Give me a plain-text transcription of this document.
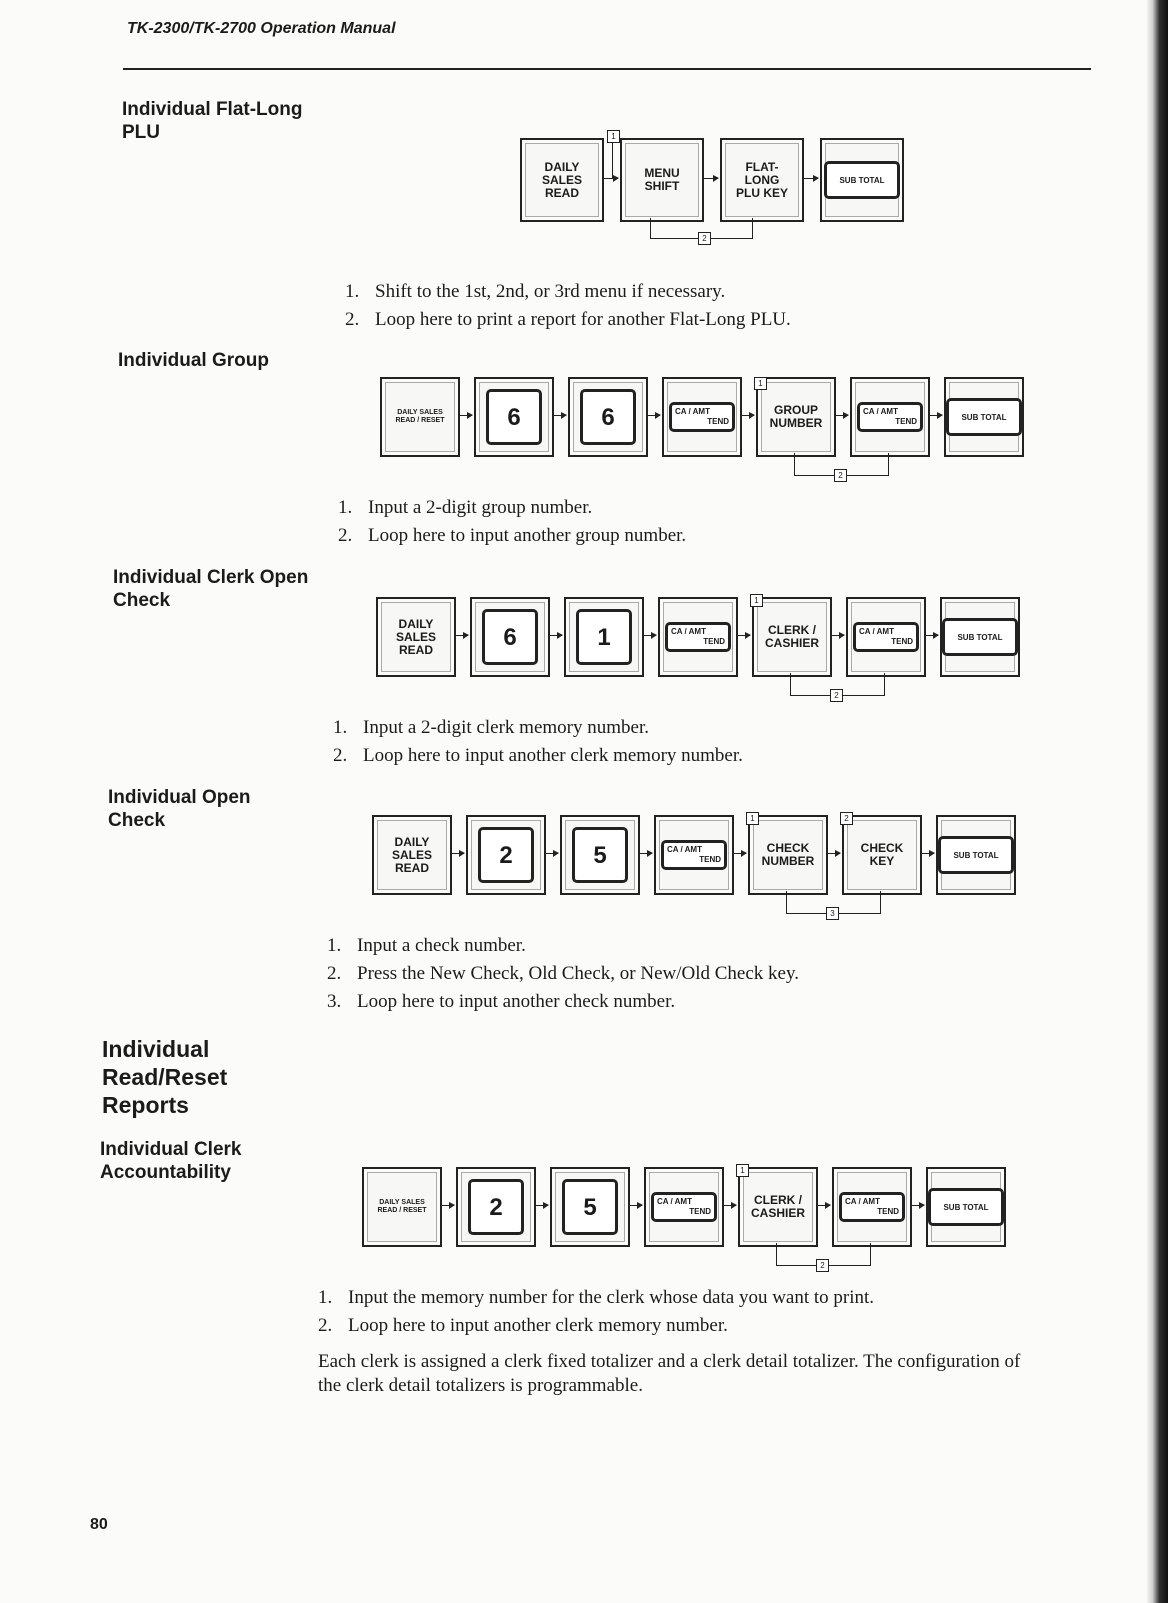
TK-2300/TK-2700 Operation Manual
Individual Flat-Long
PLU
DAILY
SALES
READ
MENU
SHIFT
FLAT-
LONG
PLU KEY
SUB TOTAL
1
2
1. Shift to the 1st, 2nd, or 3rd menu if necessary.
2. Loop here to print a report for another Flat-Long PLU.
Individual Group
DAILY SALES
READ / RESET	6	6	CA / AMT
TEND
GROUP
NUMBER
CA / AMT
TEND	SUB TOTAL
1
2
1. Input a 2-digit group number.
2. Loop here to input another group number.
Individual Clerk Open
Check
DAILY
SALES
READ	6	1	CA / AMT
TEND
CLERK /
CASHIER
CA / AMT
TEND	SUB TOTAL
1
2
1. Input a 2-digit clerk memory number.
2. Loop here to input another clerk memory number.
Individual Open
Check
DAILY
SALES
READ	2	5	CA / AMT
TEND
CHECK
NUMBER
CHECK
KEY	SUB TOTAL
1	2
3
1. Input a check number.
2. Press the New Check, Old Check, or New/Old Check key.
3. Loop here to input another check number.
Individual
Read/Reset
Reports
Individual Clerk
Accountability
DAILY SALES
READ / RESET	2	5	CA / AMT
TEND
CLERK /
CASHIER
CA / AMT
TEND	SUB TOTAL
1
2
1. Input the memory number for the clerk whose data you want to print.
2. Loop here to input another clerk memory number.
Each clerk is assigned a clerk fixed totalizer and a clerk detail totalizer. The configuration of the clerk detail totalizers is programmable.
80
